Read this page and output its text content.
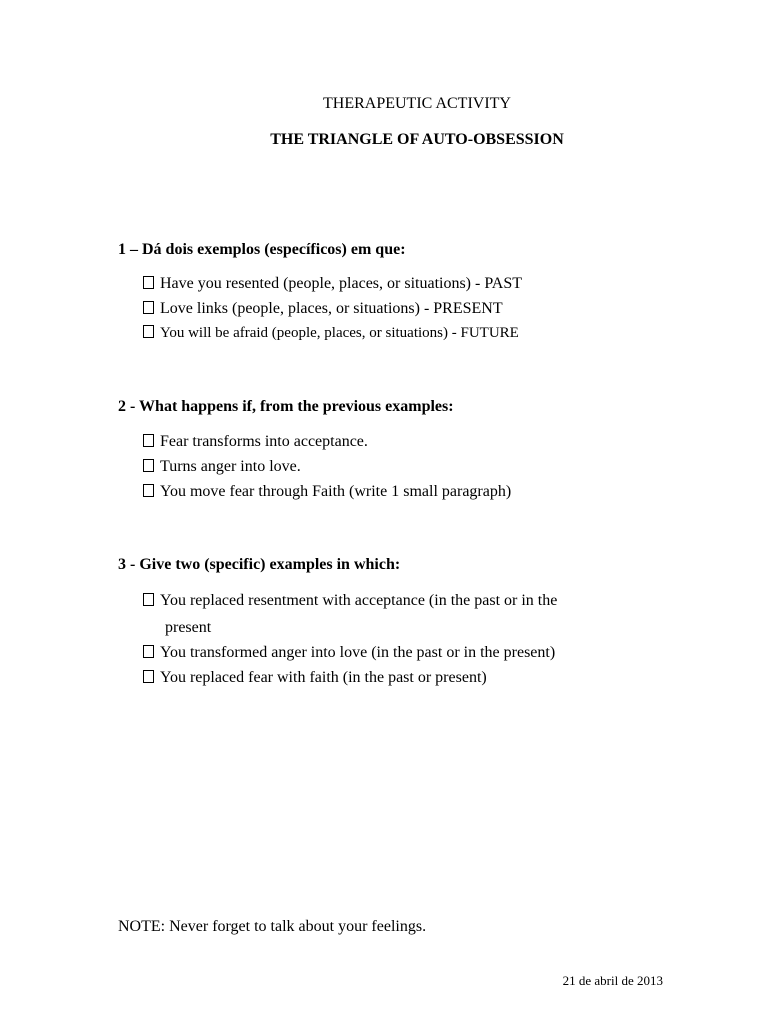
THERAPEUTIC ACTIVITY
THE TRIANGLE OF AUTO-OBSESSION
1 – Dá dois exemplos (específicos) em que:
Have you resented (people, places, or situations) - PAST
Love links (people, places, or situations) - PRESENT
You will be afraid (people, places, or situations) - FUTURE
2 - What happens if, from the previous examples:
Fear transforms into acceptance.
Turns anger into love.
You move fear through Faith (write 1 small paragraph)
3 - Give two (specific) examples in which:
You replaced resentment with acceptance (in the past or in the
present
You transformed anger into love (in the past or in the present)
You replaced fear with faith (in the past or present)
NOTE: Never forget to talk about your feelings.
21 de abril de 2013
